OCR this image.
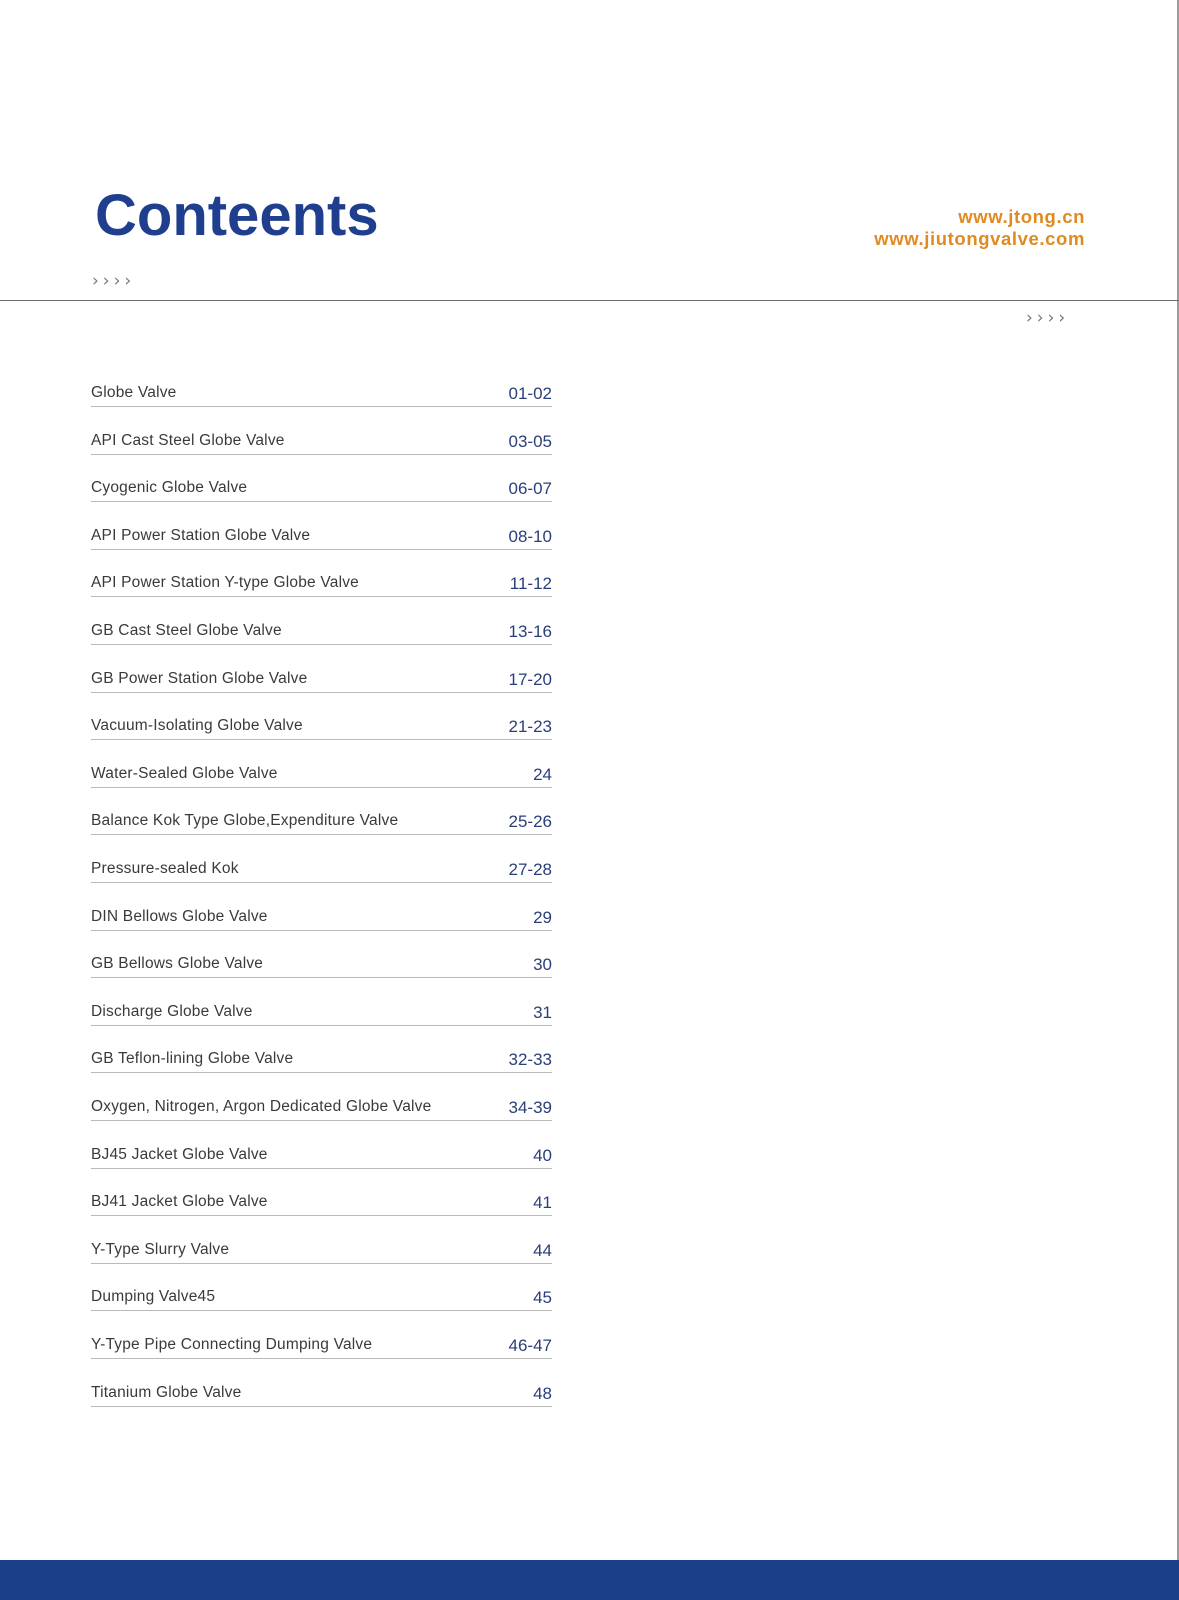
Conteents	www.jtong.cn
www.jiutongvalve.com
››››
››››
Globe Valve	01-02
API Cast Steel Globe Valve	03-05
Cyogenic Globe Valve	06-07
API Power Station Globe Valve	08-10
API Power Station Y-type Globe Valve	11-12
GB Cast Steel Globe Valve	13-16
GB Power Station Globe Valve	17-20
Vacuum-Isolating Globe Valve	21-23
Water-Sealed Globe Valve	24
Balance Kok Type Globe,Expenditure Valve	25-26
Pressure-sealed Kok	27-28
DIN Bellows Globe Valve	29
GB Bellows Globe Valve	30
Discharge Globe Valve	31
GB Teflon-lining Globe Valve	32-33
Oxygen, Nitrogen, Argon Dedicated Globe Valve	34-39
BJ45 Jacket Globe Valve	40
BJ41 Jacket Globe Valve	41
Y-Type Slurry Valve	44
Dumping Valve45	45
Y-Type Pipe Connecting Dumping Valve	46-47
Titanium Globe Valve	48
